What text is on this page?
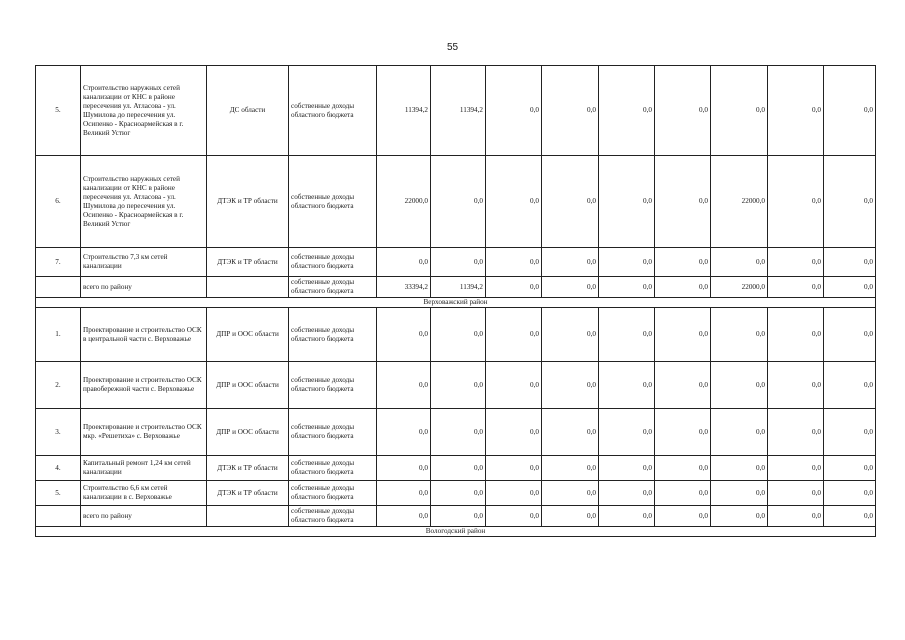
55
5.	Строительство наружных сетей канализации от КНС в районе пересечения ул. Атласова - ул. Шумилова до пересечения ул. Осипенко - Красноармейская в г. Великий Устюг	ДС области	собственные доходы областного бюджета	11394,2	11394,2	0,0	0,0	0,0	0,0	0,0	0,0	0,0
6.	Строительство наружных сетей канализации от КНС в районе пересечения ул. Атласова - ул. Шумилова до пересечения ул. Осипенко - Красноармейская в г. Великий Устюг	ДТЭК и ТР области	собственные доходы областного бюджета	22000,0	0,0	0,0	0,0	0,0	0,0	22000,0	0,0	0,0
7.	Строительство 7,3 км сетей канализации	ДТЭК и ТР области	собственные доходы областного бюджета	0,0	0,0	0,0	0,0	0,0	0,0	0,0	0,0	0,0
	всего по району		собственные доходы областного бюджета	33394,2	11394,2	0,0	0,0	0,0	0,0	22000,0	0,0	0,0
Верховажский район												
1.	Проектирование и строительство ОСК в центральной части с. Верховажье	ДПР и ООС области	собственные доходы областного бюджета	0,0	0,0	0,0	0,0	0,0	0,0	0,0	0,0	0,0
2.	Проектирование и строительство ОСК правобережной части с. Верховажье	ДПР и ООС области	собственные доходы областного бюджета	0,0	0,0	0,0	0,0	0,0	0,0	0,0	0,0	0,0
3.	Проектирование и строительство ОСК мкр. «Решетиха» с. Верховажье	ДПР и ООС области	собственные доходы областного бюджета	0,0	0,0	0,0	0,0	0,0	0,0	0,0	0,0	0,0
4.	Капитальный ремонт 1,24 км сетей канализации	ДТЭК и ТР области	собственные доходы областного бюджета	0,0	0,0	0,0	0,0	0,0	0,0	0,0	0,0	0,0
5.	Строительство 6,6 км сетей канализации в с. Верховажье	ДТЭК и ТР области	собственные доходы областного бюджета	0,0	0,0	0,0	0,0	0,0	0,0	0,0	0,0	0,0
	всего по району		собственные доходы областного бюджета	0,0	0,0	0,0	0,0	0,0	0,0	0,0	0,0	0,0
Вологодский район												
